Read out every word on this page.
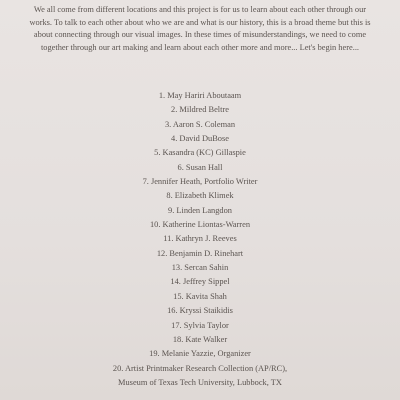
We all come from different locations and this project is for us to learn about each other through our works. To talk to each other about who we are and what is our history, this is a broad theme but this is about connecting through our visual images. In these times of misunderstandings, we need to come together through our art making and learn about each other more and more... Let's begin here...

1. May Hariri Aboutaam
2. Mildred Beltre
3. Aaron S. Coleman
4. David DuBose
5. Kasandra (KC) Gillaspie
6. Susan Hall
7. Jennifer Heath, Portfolio Writer
8. Elizabeth Klimek
9. Linden Langdon
10. Katherine Liontas-Warren
11. Kathryn J. Reeves
12. Benjamin D. Rinehart
13. Sercan Sahin
14. Jeffrey Sippel
15. Kavita Shah
16. Kryssi Staikidis
17. Sylvia Taylor
18. Kate Walker
19. Melanie Yazzie, Organizer
20. Artist Printmaker Research Collection (AP/RC),
Museum of Texas Tech University, Lubbock, TX
